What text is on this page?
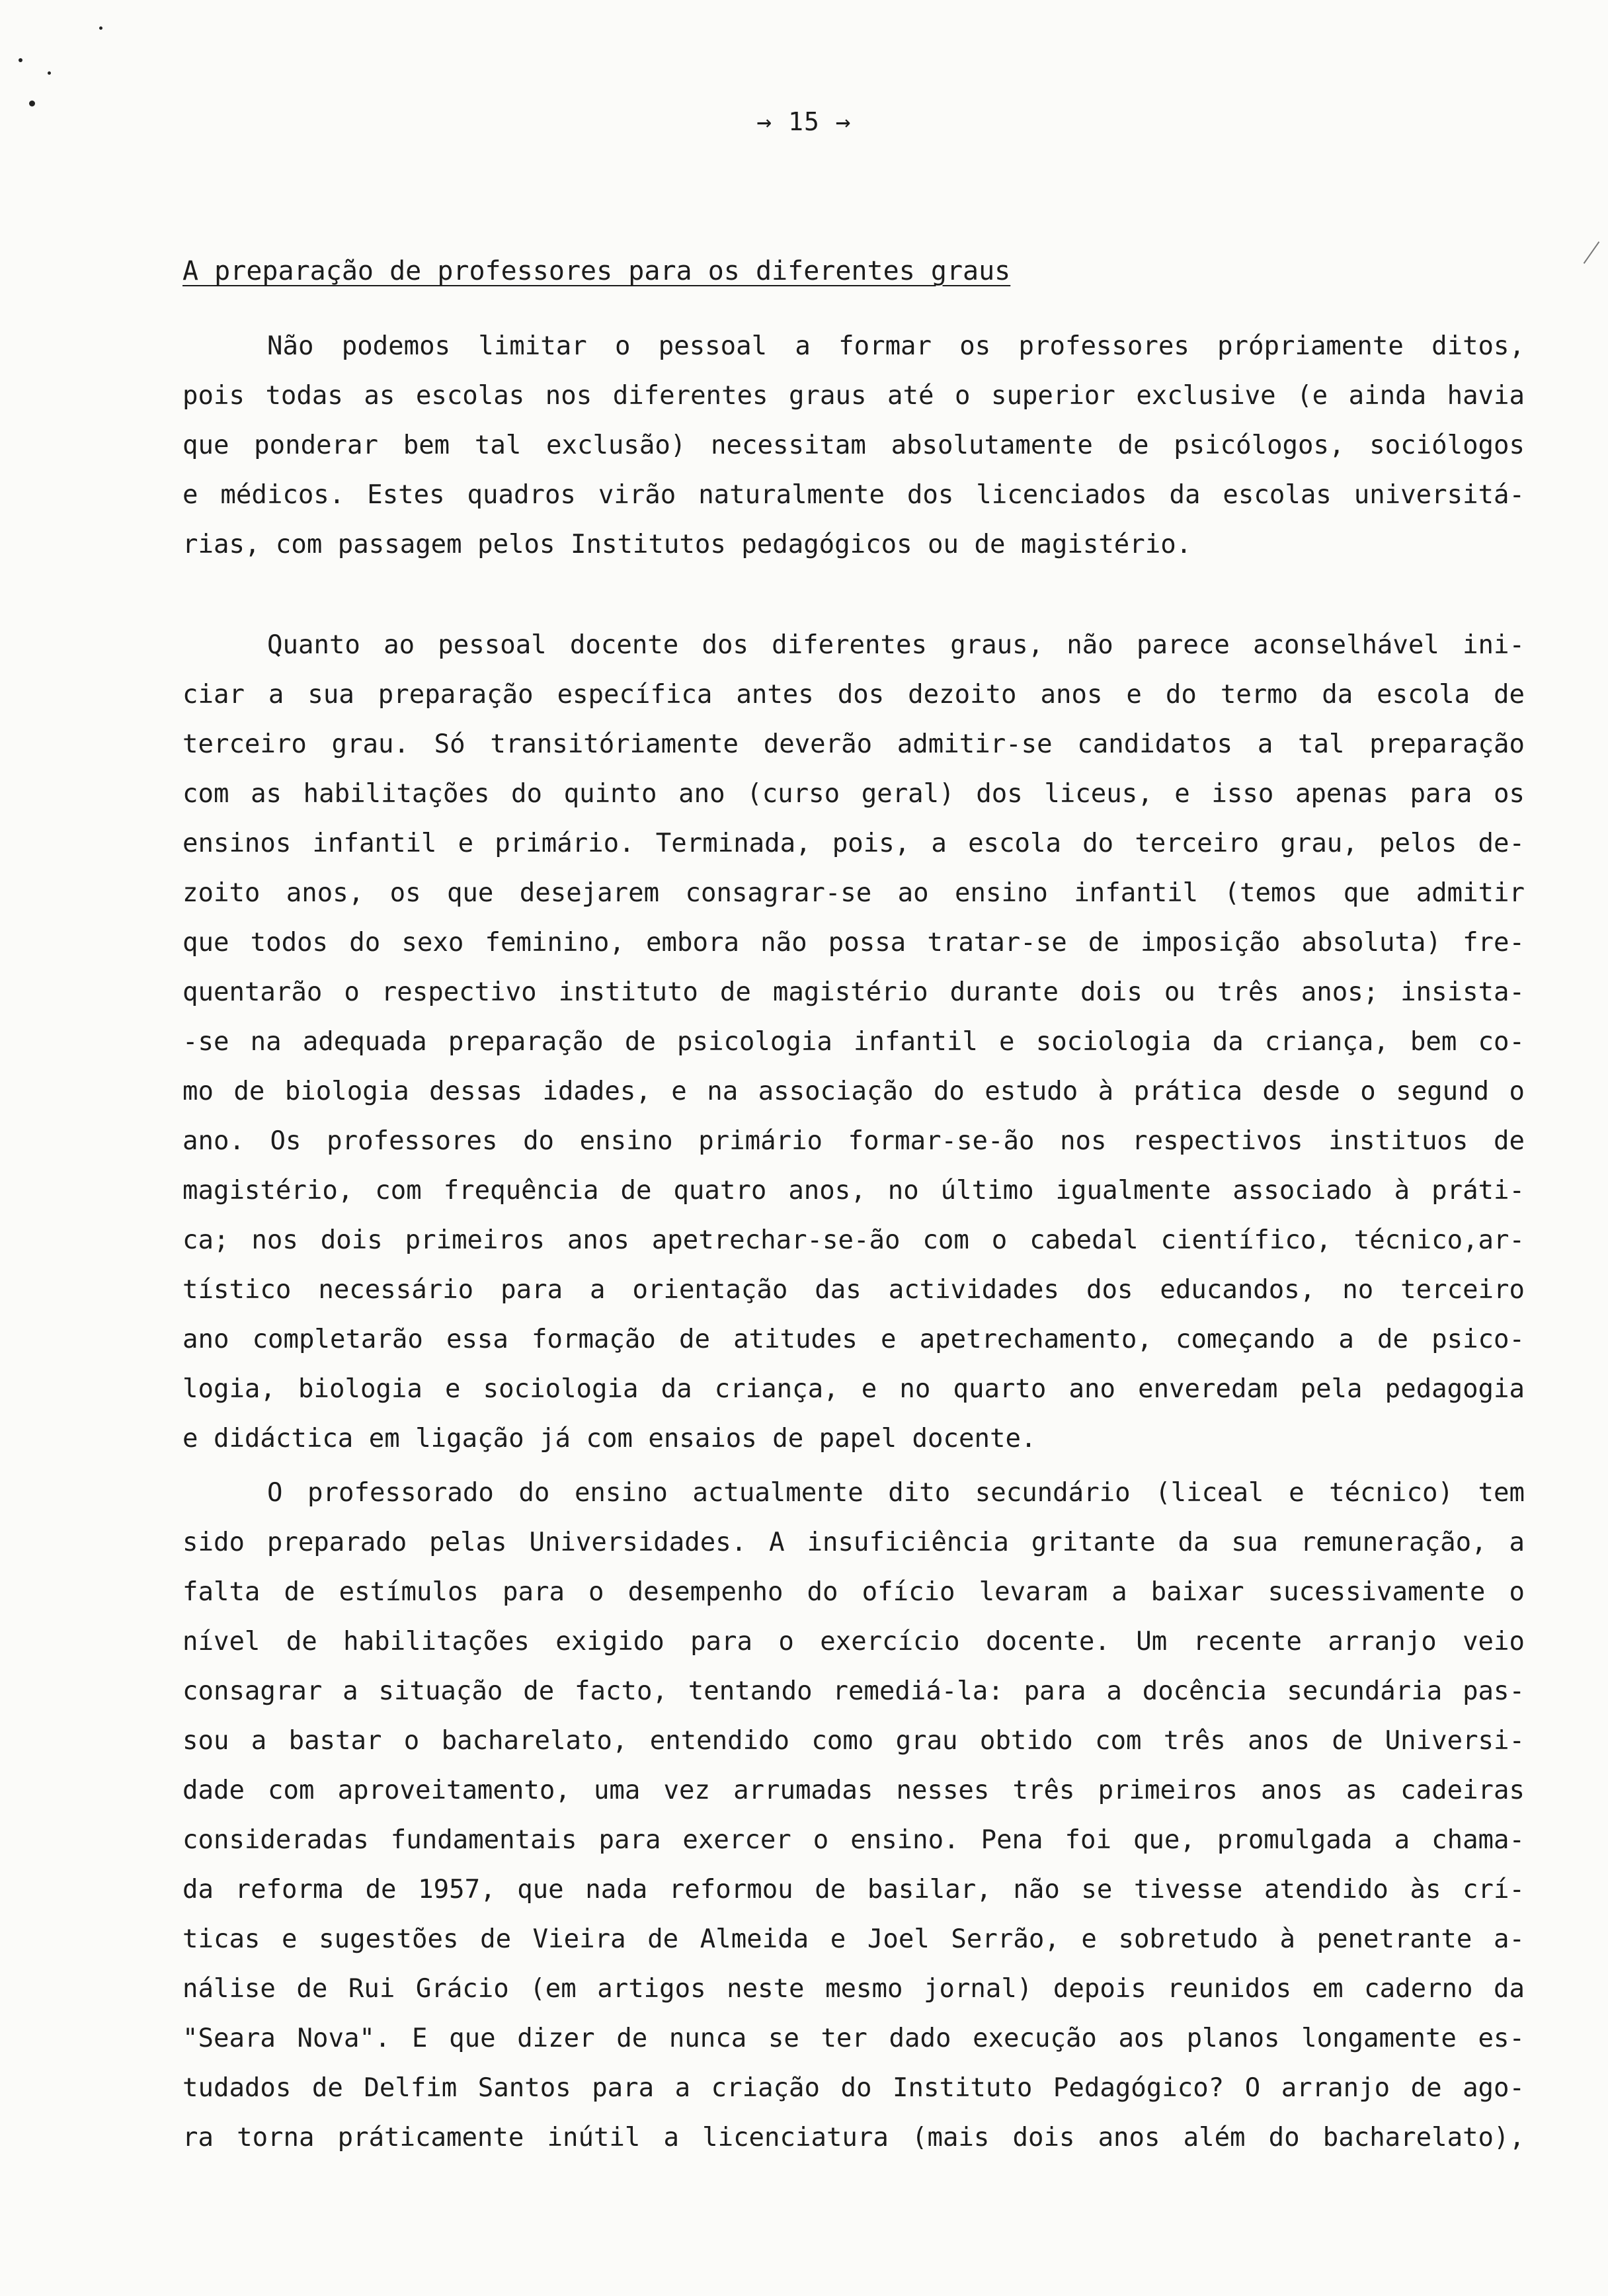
→ 15 →
A preparação de professores para os diferentes graus
Não podemos limitar o pessoal a formar os professores própriamente ditos,
pois todas as escolas nos diferentes graus até o superior exclusive (e ainda havia
que ponderar bem tal exclusão) necessitam absolutamente de psicólogos, sociólogos
e médicos. Estes quadros virão naturalmente dos licenciados da escolas universitá-
rias, com passagem pelos Institutos pedagógicos ou de magistério.
Quanto ao pessoal docente dos diferentes graus, não parece aconselhável ini-
ciar a sua preparação específica antes dos dezoito anos e do termo da escola de
terceiro grau. Só transitóriamente deverão admitir-se candidatos a tal preparação
com as habilitações do quinto ano (curso geral) dos liceus, e isso apenas para os
ensinos infantil e primário. Terminada, pois, a escola do terceiro grau, pelos de-
zoito anos, os que desejarem consagrar-se ao ensino infantil (temos que admitir
que todos do sexo feminino, embora não possa tratar-se de imposição absoluta) fre-
quentarão o respectivo instituto de magistério durante dois ou três anos; insista-
-se na adequada preparação de psicologia infantil e sociologia da criança, bem co-
mo de biologia dessas idades, e na associação do estudo à prática desde o segund o
ano. Os professores do ensino primário formar-se-ão nos respectivos instituos de
magistério, com frequência de quatro anos, no último igualmente associado à práti-
ca; nos dois primeiros anos apetrechar-se-ão com o cabedal científico, técnico,ar-
tístico necessário para a orientação das actividades dos educandos, no terceiro
ano completarão essa formação de atitudes e apetrechamento, começando a de psico-
logia, biologia e sociologia da criança, e no quarto ano enveredam pela pedagogia
e didáctica em ligação já com ensaios de papel docente.
O professorado do ensino actualmente dito secundário (liceal e técnico) tem
sido preparado pelas Universidades. A insuficiência gritante da sua remuneração, a
falta de estímulos para o desempenho do ofício levaram a baixar sucessivamente o
nível de habilitações exigido para o exercício docente. Um recente arranjo veio
consagrar a situação de facto, tentando remediá-la: para a docência secundária pas-
sou a bastar o bacharelato, entendido como grau obtido com três anos de Universi-
dade com aproveitamento, uma vez arrumadas nesses três primeiros anos as cadeiras
consideradas fundamentais para exercer o ensino. Pena foi que, promulgada a chama-
da reforma de 1957, que nada reformou de basilar, não se tivesse atendido às crí-
ticas e sugestões de Vieira de Almeida e Joel Serrão, e sobretudo à penetrante a-
nálise de Rui Grácio (em artigos neste mesmo jornal) depois reunidos em caderno da
"Seara Nova". E que dizer de nunca se ter dado execução aos planos longamente es-
tudados de Delfim Santos para a criação do Instituto Pedagógico? O arranjo de ago-
ra torna práticamente inútil a licenciatura (mais dois anos além do bacharelato),
